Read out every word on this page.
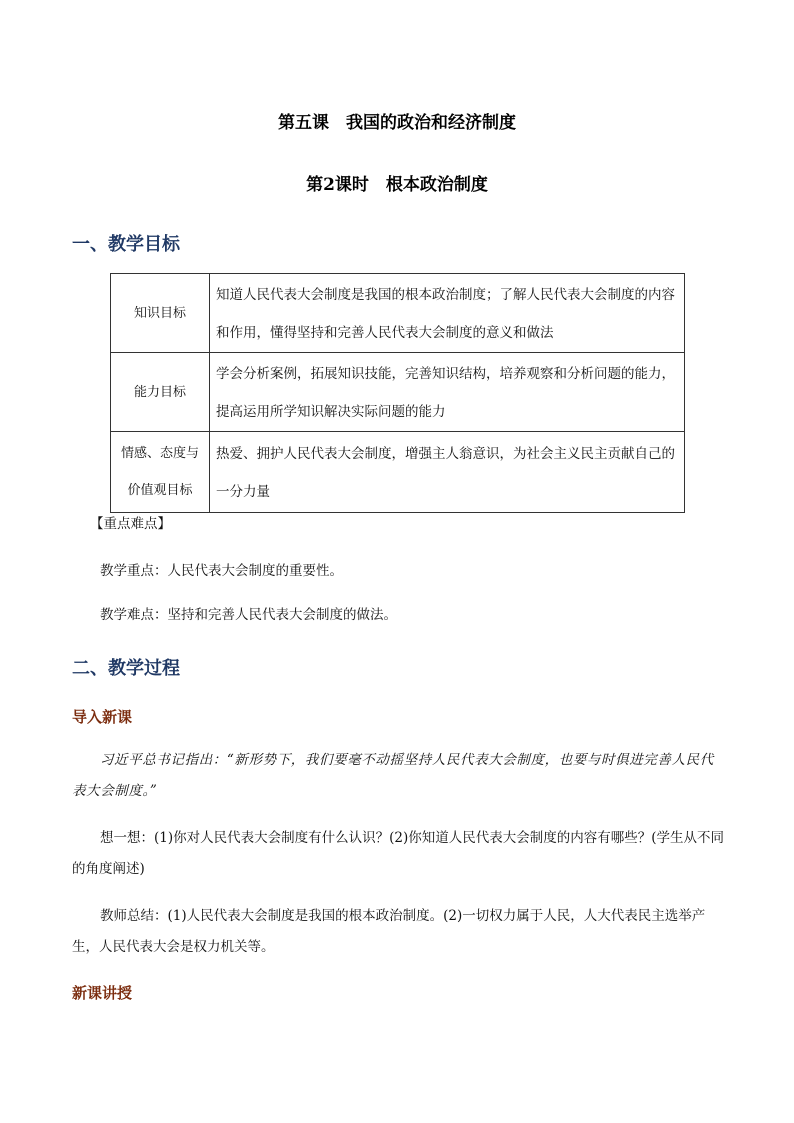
第五课　我国的政治和经济制度
第2课时　根本政治制度
一、教学目标
知识目标	知道人民代表大会制度是我国的根本政治制度；了解人民代表大会制度的内容和作用，懂得坚持和完善人民代表大会制度的意义和做法
能力目标	学会分析案例，拓展知识技能，完善知识结构，培养观察和分析问题的能力，提高运用所学知识解决实际问题的能力

情感、态度与
价值观目标	热爱、拥护人民代表大会制度，增强主人翁意识，为社会主义民主贡献自己的一分力量
【重点难点】
教学重点：人民代表大会制度的重要性。
教学难点：坚持和完善人民代表大会制度的做法。
二、教学过程
导入新课
习近平总书记指出：“新形势下，我们要毫不动摇坚持人民代表大会制度，也要与时俱进完善人民代表大会制度。”
想一想：(1)你对人民代表大会制度有什么认识？(2)你知道人民代表大会制度的内容有哪些？(学生从不同的角度阐述)
教师总结：(1)人民代表大会制度是我国的根本政治制度。(2)一切权力属于人民，人大代表民主选举产生，人民代表大会是权力机关等。
新课讲授
